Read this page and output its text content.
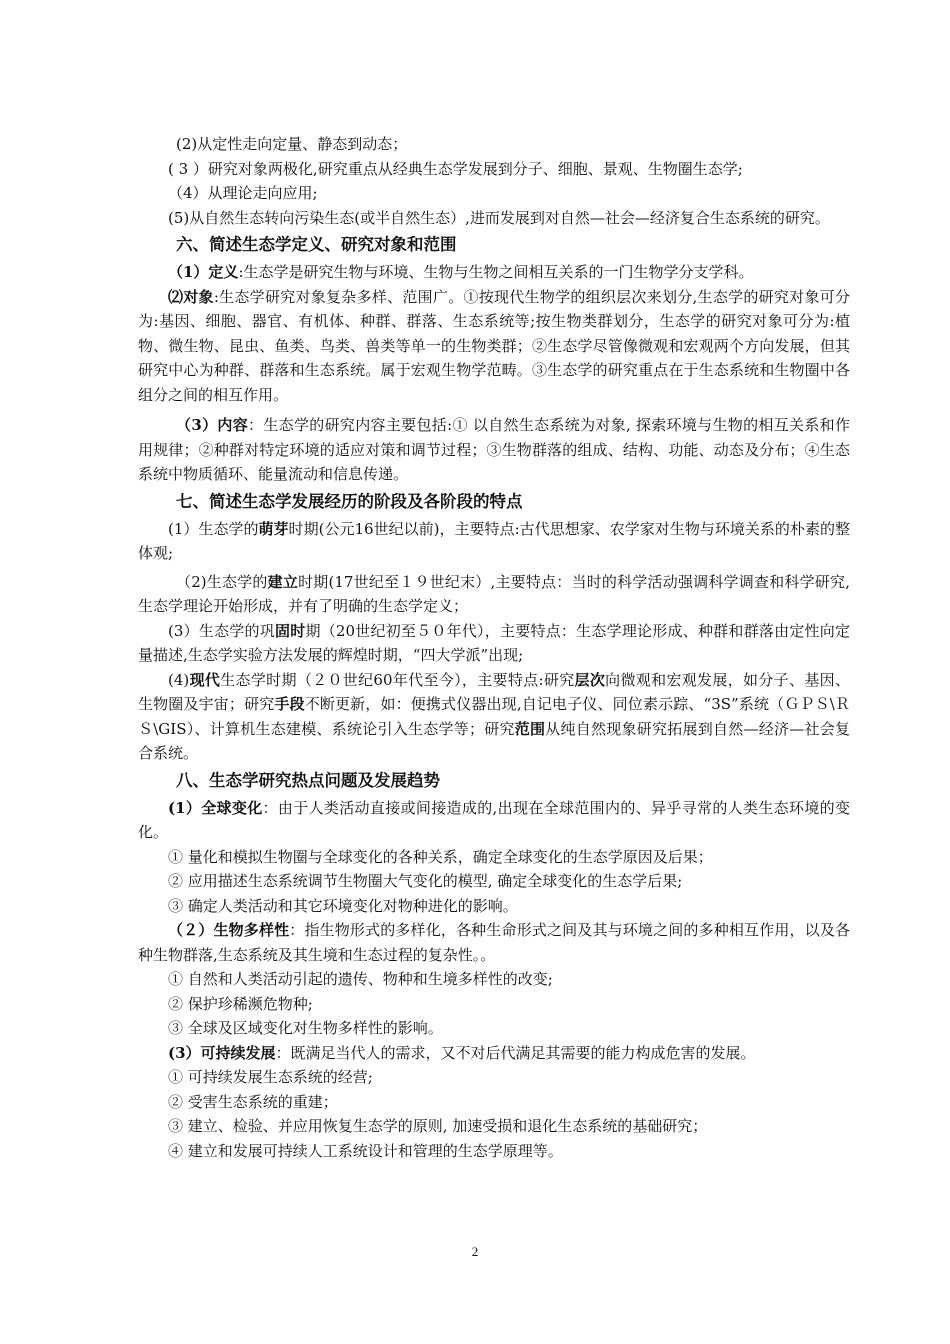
(2)从定性走向定量、静态到动态；

( 3 ）研究对象两极化,研究重点从经典生态学发展到分子、细胞、景观、生物圈生态学;

（4）从理论走向应用;

(5)从自然生态转向污染生态(或半自然生态）,进而发展到对自然—社会—经济复合生态系统的研究。

六、简述生态学定义、研究对象和范围

（1）定义:生态学是研究生物与环境、生物与生物之间相互关系的一门生物学分支学科。

⑵对象:生态学研究对象复杂多样、范围广。①按现代生物学的组织层次来划分,生态学的研究对象可分为:基因、细胞、器官、有机体、种群、群落、生态系统等;按生物类群划分，生态学的研究对象可分为:植物、微生物、昆虫、鱼类、鸟类、兽类等单一的生物类群；②生态学尽管像微观和宏观两个方向发展，但其研究中心为种群、群落和生态系统。属于宏观生物学范畴。③生态学的研究重点在于生态系统和生物圈中各组分之间的相互作用。

（3）内容：生态学的研究内容主要包括:① 以自然生态系统为对象, 探索环境与生物的相互关系和作用规律；②种群对特定环境的适应对策和调节过程；③生物群落的组成、结构、功能、动态及分布；④生态系统中物质循环、能量流动和信息传递。

七、简述生态学发展经历的阶段及各阶段的特点

(1）生态学的萌芽时期(公元16世纪以前)，主要特点:古代思想家、农学家对生物与环境关系的朴素的整体观;

（2)生态学的建立时期(17世纪至１９世纪末）,主要特点：当时的科学活动强调科学调查和科学研究,生态学理论开始形成，并有了明确的生态学定义；

(3）生态学的巩固时期（20世纪初至５０年代），主要特点：生态学理论形成、种群和群落由定性向定量描述,生态学实验方法发展的辉煌时期，“四大学派”出现;

(4)现代生态学时期（２０世纪60年代至今），主要特点:研究层次向微观和宏观发展，如分子、基因、生物圈及宇宙；研究手段不断更新，如：便携式仪器出现,自记电子仪、同位素示踪、“3S”系统（ＧＰＳ\ＲＳ\GIS）、计算机生态建模、系统论引入生态学等；研究范围从纯自然现象研究拓展到自然—经济—社会复合系统。

八、生态学研究热点问题及发展趋势

(1）全球变化：由于人类活动直接或间接造成的,出现在全球范围内的、异乎寻常的人类生态环境的变化。

① 量化和模拟生物圈与全球变化的各种关系，确定全球变化的生态学原因及后果；

② 应用描述生态系统调节生物圈大气变化的模型, 确定全球变化的生态学后果;

③ 确定人类活动和其它环境变化对物种进化的影响。

（２）生物多样性：指生物形式的多样化，各种生命形式之间及其与环境之间的多种相互作用，以及各种生物群落,生态系统及其生境和生态过程的复杂性。。

① 自然和人类活动引起的遗传、物种和生境多样性的改变;

② 保护珍稀濒危物种;

③ 全球及区域变化对生物多样性的影响。

(3）可持续发展：既满足当代人的需求，又不对后代满足其需要的能力构成危害的发展。

① 可持续发展生态系统的经营;

② 受害生态系统的重建；

③ 建立、检验、并应用恢复生态学的原则, 加速受损和退化生态系统的基础研究；

④ 建立和发展可持续人工系统设计和管理的生态学原理等。

2
